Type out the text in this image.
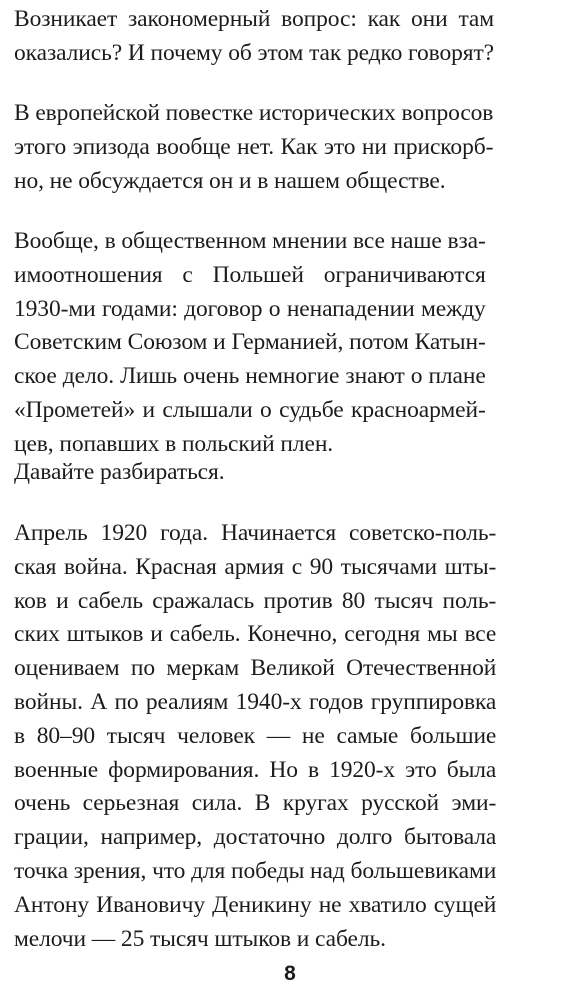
Возникает закономерный вопрос: как они там
оказались? И почему об этом так редко говорят?

В европейской повестке исторических вопросов
этого эпизода вообще нет. Как это ни прискорб-
но, не обсуждается он и в нашем обществе.

Вообще, в общественном мнении все наше вза-
имоотношения с Польшей ограничиваются
1930-ми годами: договор о ненападении между
Советским Союзом и Германией, потом Катын-
ское дело. Лишь очень немногие знают о плане
«Прометей» и слышали о судьбе красноармей-
цев, попавших в польский плен.

Давайте разбираться.

Апрель 1920 года. Начинается советско-поль-
ская война. Красная армия с 90 тысячами шты-
ков и сабель сражалась против 80 тысяч поль-
ских штыков и сабель. Конечно, сегодня мы все
оцениваем по меркам Великой Отечественной
войны. А по реалиям 1940-х годов группировка
в 80–90 тысяч человек — не самые большие
военные формирования. Но в 1920-х это была
очень серьезная сила. В кругах русской эми-
грации, например, достаточно долго бытовала
точка зрения, что для победы над большевиками
Антону Ивановичу Деникину не хватило сущей
мелочи — 25 тысяч штыков и сабель.

8
